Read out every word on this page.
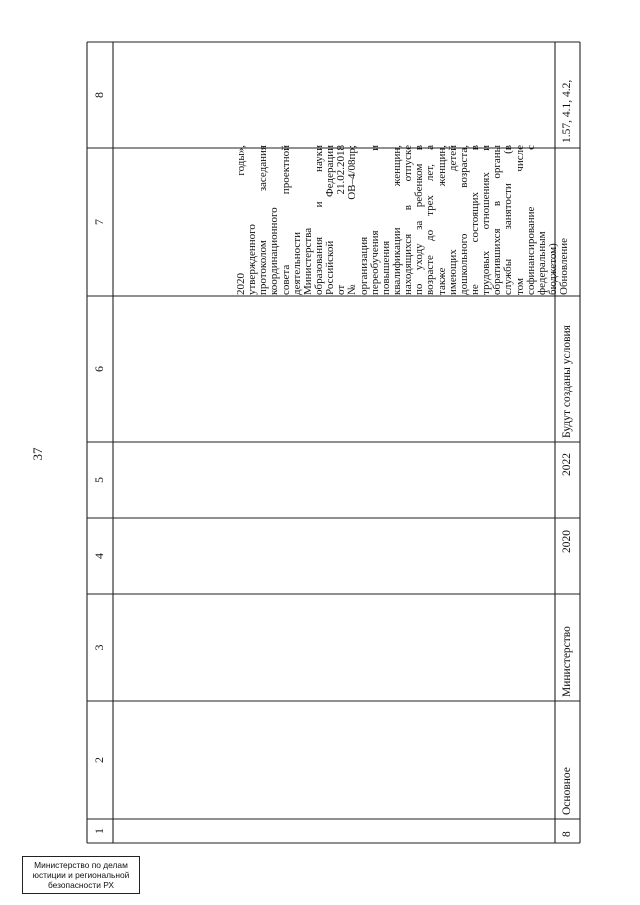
37
1
2
3
4
5
6
7
8
8
Основное
Министерство
2020
2022
Будут созданы условия
1.57, 4.1, 4.2,
2020 годы», утвержденного протоколом заседания координационного совета проектной деятельности Министерства образования и науки Российской Федерации от 21.02.2018 № ОВ–4/08пр; организация переобучения и повышения квалификации женщин, находящихся в отпуске по уходу за ребенком в возрасте до трех лет, а также женщин, имеющих детей дошкольного возраста, не состоящих в трудовых отношениях и обратившихся в органы службы занятости (в том числе софинансирование с федеральным бюджетом) Обновление
Министерство по делам
юстиции и региональной
безопасности РХ
